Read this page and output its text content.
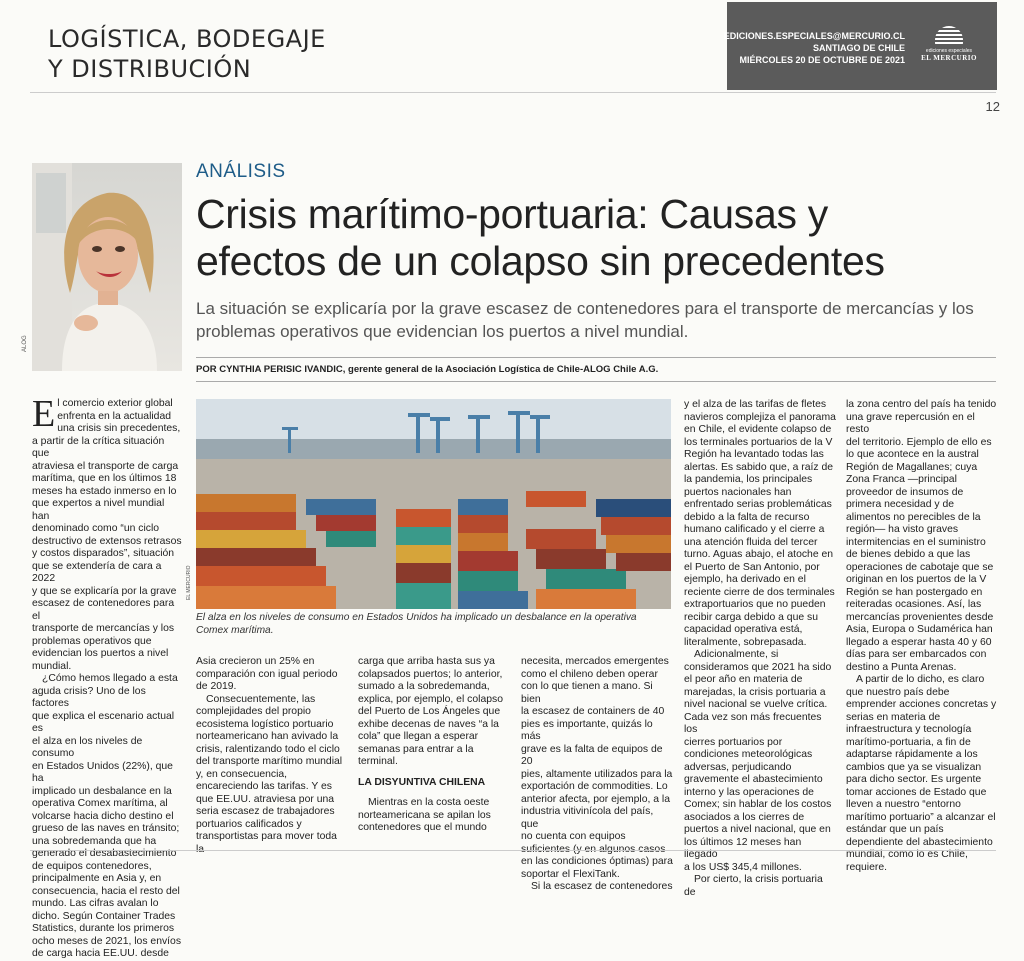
LOGÍSTICA, BODEGAJE
Y DISTRIBUCIÓN
EDICIONES.ESPECIALES@MERCURIO.CL
SANTIAGO DE CHILE
MIÉRCOLES 20 DE OCTUBRE DE 2021
ediciones especiales
EL MERCURIO
12
ALOG
ANÁLISIS
Crisis marítimo-portuaria: Causas y
efectos de un colapso sin precedentes
La situación se explicaría por la grave escasez de contenedores para el transporte de mercancías y los
problemas operativos que evidencian los puertos a nivel mundial.
POR CYNTHIA PERISIC IVANDIC, gerente general de la Asociación Logística de Chile-ALOG Chile A.G.
E l comercio exterior global
enfrenta en la actualidad
una crisis sin precedentes,
a partir de la crítica situación que
atraviesa el transporte de carga
marítima, que en los últimos 18
meses ha estado inmerso en lo
que expertos a nivel mundial han
denominado como “un ciclo
destructivo de extensos retrasos
y costos disparados”, situación
que se extendería de cara a 2022
y que se explicaría por la grave
escasez de contenedores para el
transporte de mercancías y los
problemas operativos que
evidencian los puertos a nivel
mundial.

¿Cómo hemos llegado a esta
aguda crisis? Uno de los factores
que explica el escenario actual es
el alza en los niveles de consumo
en Estados Unidos (22%), que ha
implicado un desbalance en la
operativa Comex marítima, al
volcarse hacia dicho destino el
grueso de las naves en tránsito;
una sobredemanda que ha
generado el desabastecimiento
de equipos contenedores,
principalmente en Asia y, en
consecuencia, hacia el resto del
mundo. Las cifras avalan lo
dicho. Según Container Trades
Statistics, durante los primeros
ocho meses de 2021, los envíos
de carga hacia EE.UU. desde

EL MERCURIO
El alza en los niveles de consumo en Estados Unidos ha implicado un desbalance en la operativa Comex marítima.

Asia crecieron un 25% en
comparación con igual periodo
de 2019.

Consecuentemente, las
complejidades del propio
ecosistema logístico portuario
norteamericano han avivado la
crisis, ralentizando todo el ciclo
del transporte marítimo mundial
y, en consecuencia,
encareciendo las tarifas. Y es
que EE.UU. atraviesa por una
seria escasez de trabajadores
portuarios calificados y
transportistas para mover toda la

carga que arriba hasta sus ya
colapsados puertos; lo anterior,
sumado a la sobredemanda,
explica, por ejemplo, el colapso
del Puerto de Los Ángeles que
exhibe decenas de naves “a la
cola” que llegan a esperar
semanas para entrar a la
terminal.

LA DISYUNTIVA CHILENA

Mientras en la costa oeste
norteamericana se apilan los
contenedores que el mundo

necesita, mercados emergentes
como el chileno deben operar
con lo que tienen a mano. Si bien
la escasez de containers de 40
pies es importante, quizás lo más
grave es la falta de equipos de 20
pies, altamente utilizados para la
exportación de commodities. Lo
anterior afecta, por ejemplo, a la
industria vitivinícola del país, que
no cuenta con equipos
suficientes (y en algunos casos
en las condiciones óptimas) para
soportar el FlexiTank.

Si la escasez de contenedores

y el alza de las tarifas de fletes
navieros complejiza el panorama
en Chile, el evidente colapso de
los terminales portuarios de la V
Región ha levantado todas las
alertas. Es sabido que, a raíz de
la pandemia, los principales
puertos nacionales han
enfrentado serias problemáticas
debido a la falta de recurso
humano calificado y el cierre a
una atención fluida del tercer
turno. Aguas abajo, el atoche en
el Puerto de San Antonio, por
ejemplo, ha derivado en el
reciente cierre de dos terminales
extraportuarios que no pueden
recibir carga debido a que su
capacidad operativa está,
literalmente, sobrepasada.

Adicionalmente, si
consideramos que 2021 ha sido
el peor año en materia de
marejadas, la crisis portuaria a
nivel nacional se vuelve crítica.
Cada vez son más frecuentes los
cierres portuarios por
condiciones meteorológicas
adversas, perjudicando
gravemente el abastecimiento
interno y las operaciones de
Comex; sin hablar de los costos
asociados a los cierres de
puertos a nivel nacional, que en
los últimos 12 meses han llegado
a los US$ 345,4 millones.

Por cierto, la crisis portuaria de

la zona centro del país ha tenido
una grave repercusión en el resto
del territorio. Ejemplo de ello es
lo que acontece en la austral
Región de Magallanes; cuya
Zona Franca —principal
proveedor de insumos de
primera necesidad y de
alimentos no perecibles de la
región— ha visto graves
intermitencias en el suministro
de bienes debido a que las
operaciones de cabotaje que se
originan en los puertos de la V
Región se han postergado en
reiteradas ocasiones. Así, las
mercancías provenientes desde
Asia, Europa o Sudamérica han
llegado a esperar hasta 40 y 60
días para ser embarcados con
destino a Punta Arenas.

A partir de lo dicho, es claro
que nuestro país debe
emprender acciones concretas y
serias en materia de
infraestructura y tecnología
marítimo-portuaria, a fin de
adaptarse rápidamente a los
cambios que ya se visualizan
para dicho sector. Es urgente
tomar acciones de Estado que
lleven a nuestro “entorno
marítimo portuario” a alcanzar el
estándar que un país
dependiente del abastecimiento
mundial, como lo es Chile,
requiere.
